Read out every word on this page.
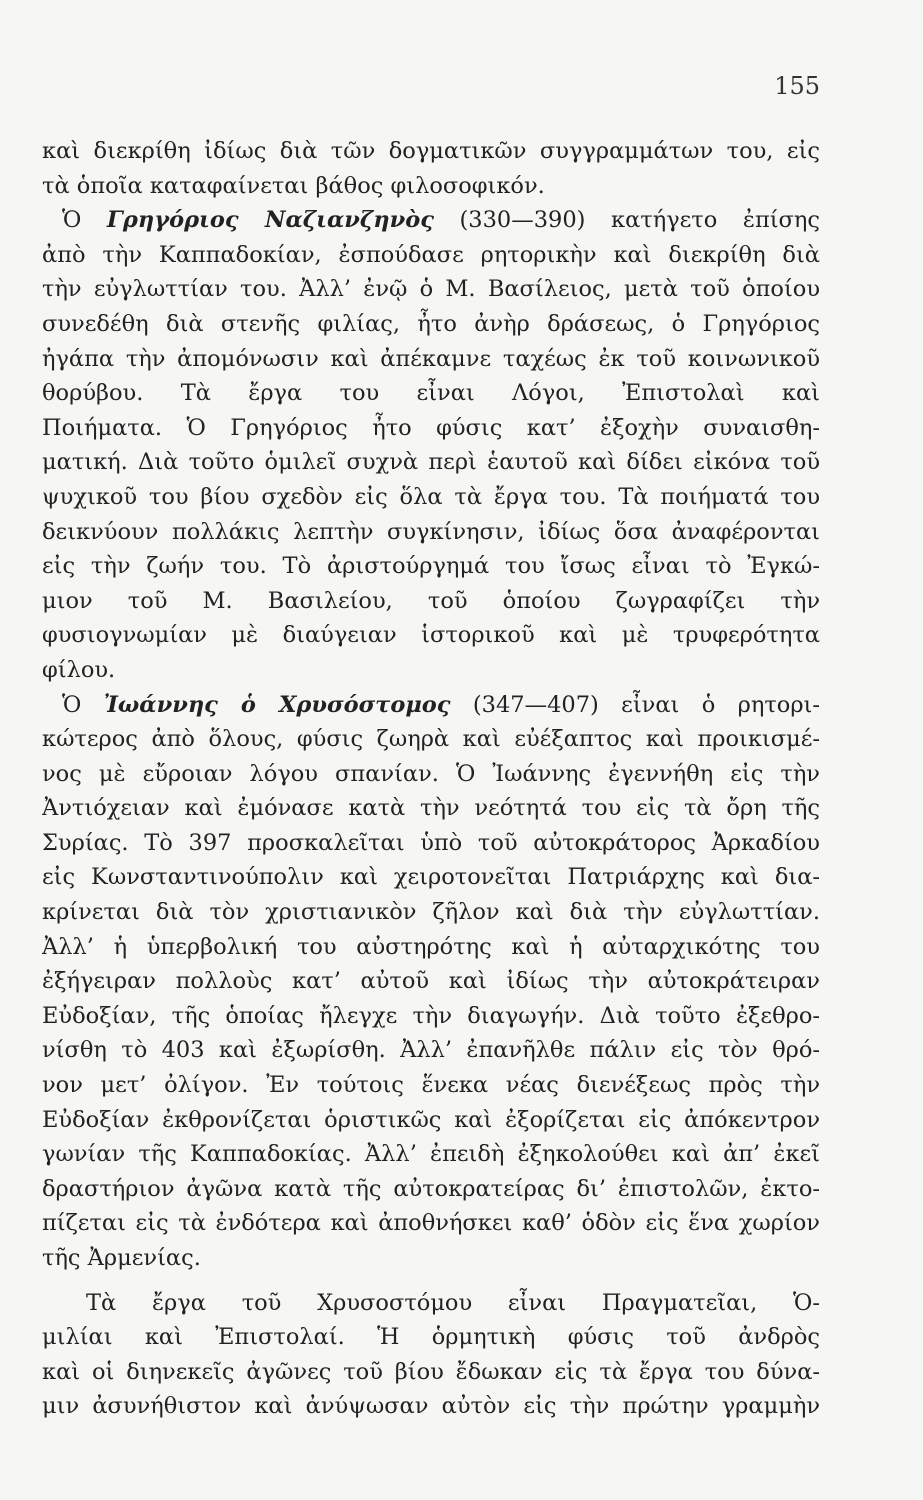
155
καὶ διεκρίθη ἰδίως διὰ τῶν δογματικῶν συγγραμμάτων του, εἰς
τὰ ὁποῖα καταφαίνεται βάθος φιλοσοφικόν.
Ὁ Γρηγόριος Ναζιανζηνὸς (330—390) κατήγετο ἐπίσης
ἀπὸ τὴν Καππαδοκίαν, ἐσπούδασε ρητορικὴν καὶ διεκρίθη διὰ
τὴν εὐγλωττίαν του. Ἀλλ’ ἐνῷ ὁ Μ. Βασίλειος, μετὰ τοῦ ὁποίου
συνεδέθη διὰ στενῆς φιλίας, ἦτο ἀνὴρ δράσεως, ὁ Γρηγόριος
ἠγάπα τὴν ἀπομόνωσιν καὶ ἀπέκαμνε ταχέως ἐκ τοῦ κοινωνικοῦ
θορύβου. Τὰ ἔργα του εἶναι Λόγοι, Ἐπιστολαὶ καὶ
Ποιήματα. Ὁ Γρηγόριος ἦτο φύσις κατ’ ἐξοχὴν συναισθη-
ματική. Διὰ τοῦτο ὁμιλεῖ συχνὰ περὶ ἑαυτοῦ καὶ δίδει εἰκόνα τοῦ
ψυχικοῦ του βίου σχεδὸν εἰς ὅλα τὰ ἔργα του. Τὰ ποιήματά του
δεικνύουν πολλάκις λεπτὴν συγκίνησιν, ἰδίως ὅσα ἀναφέρονται
εἰς τὴν ζωήν του. Τὸ ἀριστούργημά του ἴσως εἶναι τὸ Ἐγκώ-
μιον τοῦ Μ. Βασιλείου, τοῦ ὁποίου ζωγραφίζει τὴν
φυσιογνωμίαν μὲ διαύγειαν ἱστορικοῦ καὶ μὲ τρυφερότητα
φίλου.
Ὁ Ἰωάννης ὁ Χρυσόστομος (347—407) εἶναι ὁ ρητορι-
κώτερος ἀπὸ ὅλους, φύσις ζωηρὰ καὶ εὐέξαπτος καὶ προικισμέ-
νος μὲ εὔροιαν λόγου σπανίαν. Ὁ Ἰωάννης ἐγεννήθη εἰς τὴν
Ἀντιόχειαν καὶ ἐμόνασε κατὰ τὴν νεότητά του εἰς τὰ ὄρη τῆς
Συρίας. Τὸ 397 προσκαλεῖται ὑπὸ τοῦ αὐτοκράτορος Ἀρκαδίου
εἰς Κωνσταντινούπολιν καὶ χειροτονεῖται Πατριάρχης καὶ δια-
κρίνεται διὰ τὸν χριστιανικὸν ζῆλον καὶ διὰ τὴν εὐγλωττίαν.
Ἀλλ’ ἡ ὑπερβολική του αὐστηρότης καὶ ἡ αὐταρχικότης του
ἐξήγειραν πολλοὺς κατ’ αὐτοῦ καὶ ἰδίως τὴν αὐτοκράτειραν
Εὐδοξίαν, τῆς ὁποίας ἤλεγχε τὴν διαγωγήν. Διὰ τοῦτο ἐξεθρο-
νίσθη τὸ 403 καὶ ἐξωρίσθη. Ἀλλ’ ἐπανῆλθε πάλιν εἰς τὸν θρό-
νον μετ’ ὀλίγον. Ἐν τούτοις ἕνεκα νέας διενέξεως πρὸς τὴν
Εὐδοξίαν ἐκθρονίζεται ὁριστικῶς καὶ ἐξορίζεται εἰς ἀπόκεντρον
γωνίαν τῆς Καππαδοκίας. Ἀλλ’ ἐπειδὴ ἐξηκολούθει καὶ ἀπ’ ἐκεῖ
δραστήριον ἀγῶνα κατὰ τῆς αὐτοκρατείρας δι’ ἐπιστολῶν, ἐκτο-
πίζεται εἰς τὰ ἐνδότερα καὶ ἀποθνήσκει καθ’ ὁδὸν εἰς ἕνα χωρίον
τῆς Ἀρμενίας.
Τὰ ἔργα τοῦ Χρυσοστόμου εἶναι Πραγματεῖαι, Ὁ-
μιλίαι καὶ Ἐπιστολαί. Ἡ ὁρμητικὴ φύσις τοῦ ἀνδρὸς
καὶ οἱ διηνεκεῖς ἀγῶνες τοῦ βίου ἔδωκαν εἰς τὰ ἔργα του δύνα-
μιν ἀσυνήθιστον καὶ ἀνύψωσαν αὐτὸν εἰς τὴν πρώτην γραμμὴν
